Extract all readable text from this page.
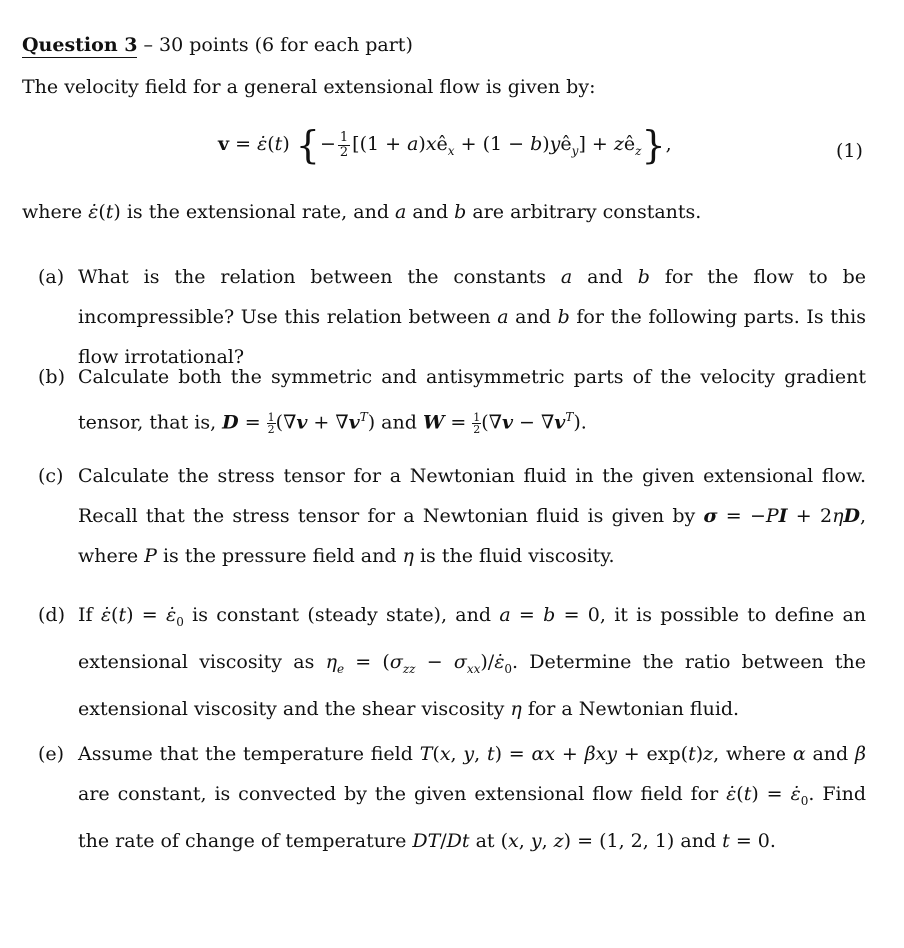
Question 3 – 30 points (6 for each part)
The velocity field for a general extensional flow is given by:
v = ε̇(t) {− $\frac{1}{2} [(1$ + $a)xê_x + (1$ − $b)yê_y$] + $zê_z$},	(1)
where ε̇(t) is the extensional rate, and a and b are arbitrary constants.
(a) What is the relation between the constants a and b for the flow to be incompressible? Use this relation between a and b for the following parts. Is this flow irrotational?
(b) Calculate both the symmetric and antisymmetric parts of the velocity gradient tensor, that is, $D = \frac{1}{2} (\nabla v + \nabla v^T)$ and $W = \frac{1}{2} (\nabla v - \nabla v^T)$.
(c) Calculate the stress tensor for a Newtonian fluid in the given extensional flow. Recall that the stress tensor for a Newtonian fluid is given by σ = −PI + 2ηD, where P is the pressure field and η is the fluid viscosity.
(d) If ε̇(t) = $\varepsiloṅ_0$ is constant (steady state), and a = b = 0, it is possible to define an extensional viscosity as $\eta_e = (\sigma_{zz}$ − $\sigma_{xx})/\varepsiloṅ_0$. Determine the ratio between the extensional viscosity and the shear viscosity η for a Newtonian fluid.
(e) Assume that the temperature field T(x, y, t) = αx + βxy + exp(t)z, where α and β are constant, is convected by the given extensional flow field for ε̇(t) = $\varepsiloṅ_0$. Find the rate of change of temperature DT/Dt at (x, y, z) = (1, 2, 1) and t = 0.
